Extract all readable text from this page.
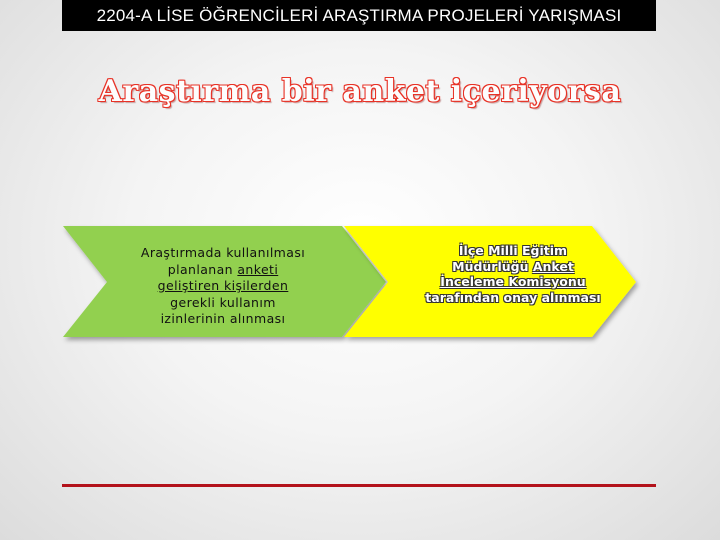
2204-A LİSE ÖĞRENCİLERİ ARAŞTIRMA PROJELERİ YARIŞMASI
Araştırma bir anket içeriyorsa
Araştırmada kullanılması
planlanan anketi
geliştiren kişilerden
gerekli kullanım
izinlerinin alınması
İlçe Milli Eğitim
Müdürlüğü Anket
İnceleme Komisyonu
tarafından onay alınması
